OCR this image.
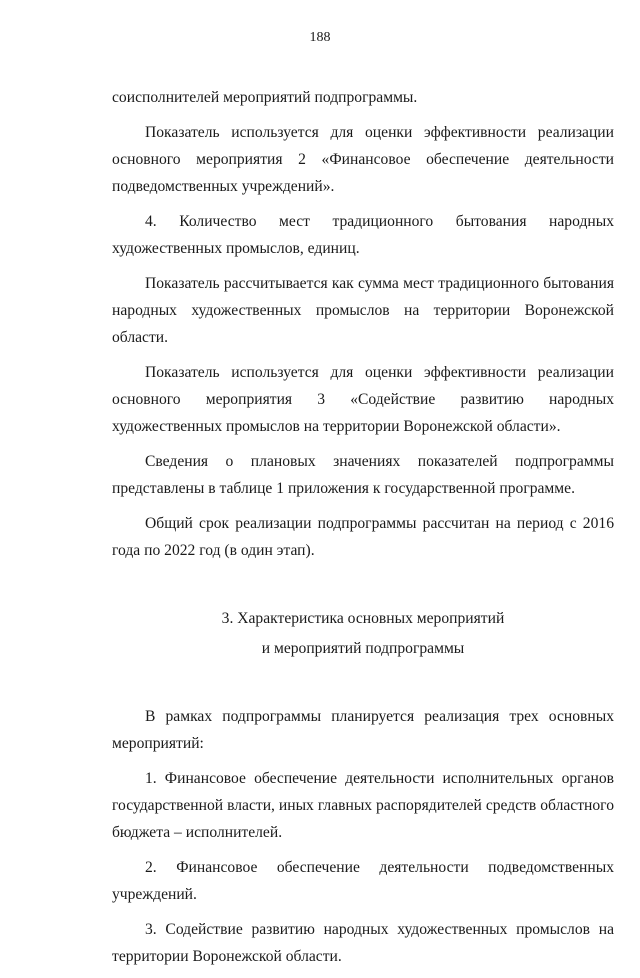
188

соисполнителей мероприятий подпрограммы.

Показатель используется для оценки эффективности реализации основного мероприятия 2 «Финансовое обеспечение деятельности подведомственных учреждений».

4. Количество мест традиционного бытования народных художественных промыслов, единиц.

Показатель рассчитывается как сумма мест традиционного бытования народных художественных промыслов на территории Воронежской области.

Показатель используется для оценки эффективности реализации основного мероприятия 3 «Содействие развитию народных художественных промыслов на территории Воронежской области».

Сведения о плановых значениях показателей подпрограммы представлены в таблице 1 приложения к государственной программе.

Общий срок реализации подпрограммы рассчитан на период с 2016 года по 2022 год (в один этап).

3. Характеристика основных мероприятий
и мероприятий подпрограммы

В рамках подпрограммы планируется реализация трех основных мероприятий:

1. Финансовое обеспечение деятельности исполнительных органов государственной власти, иных главных распорядителей средств областного бюджета – исполнителей.

2. Финансовое обеспечение деятельности подведомственных учреждений.

3. Содействие развитию народных художественных промыслов на территории Воронежской области.
